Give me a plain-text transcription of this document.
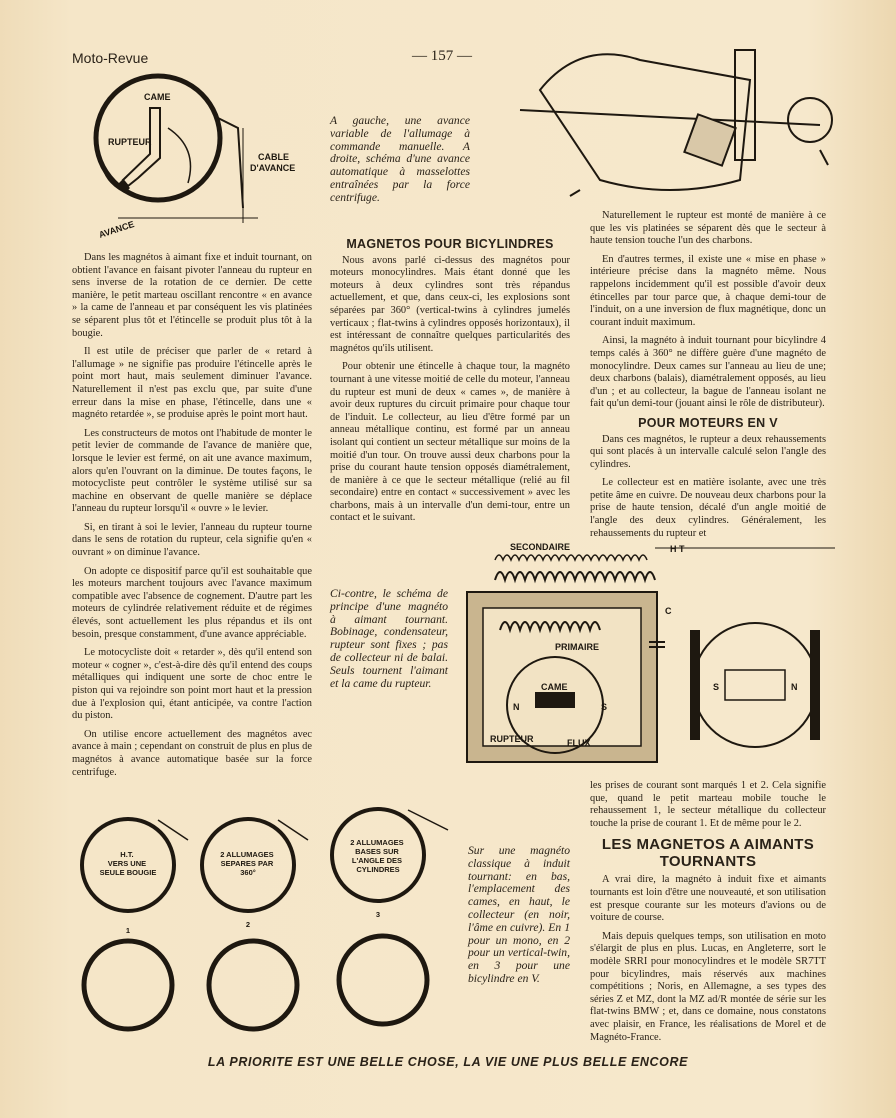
Moto-Revue	— 157 —
CAME
RUPTEUR
CABLE D'AVANCE
AVANCE
A gauche, une avance variable de l'allumage à commande manuelle. A droite, schéma d'une avance automatique à masselottes entraînées par la force centrifuge.

Dans les magnétos à aimant fixe et induit tournant, on obtient l'avance en faisant pivoter l'anneau du rupteur en sens inverse de la rotation de ce dernier. De cette manière, le petit marteau oscillant rencontre « en avance » la came de l'anneau et par conséquent les vis platinées se séparent plus tôt et l'étincelle se produit plus tôt à la bougie.

Il est utile de préciser que parler de « retard à l'allumage » ne signifie pas produire l'étincelle après le point mort haut, mais seulement diminuer l'avance. Naturellement il n'est pas exclu que, par suite d'une erreur dans la mise en phase, l'étincelle, dans une « magnéto retardée », se produise après le point mort haut.

Les constructeurs de motos ont l'habitude de monter le petit levier de commande de l'avance de manière que, lorsque le levier est fermé, on ait une avance maximum, alors qu'en l'ouvrant on la diminue. De toutes façons, le motocycliste peut contrôler le système utilisé sur sa machine en observant de quelle manière se déplace l'anneau du rupteur lorsqu'il « ouvre » le levier.

Si, en tirant à soi le levier, l'anneau du rupteur tourne dans le sens de rotation du rupteur, cela signifie qu'en « ouvrant » on diminue l'avance.

On adopte ce dispositif parce qu'il est souhaitable que les moteurs marchent toujours avec l'avance maximum compatible avec l'absence de cognement. D'autre part les moteurs de cylindrée relativement réduite et de régimes élevés, sont actuellement les plus répandus et ils ont besoin, presque constamment, d'une avance appréciable.

Le motocycliste doit « retarder », dès qu'il entend son moteur « cogner », c'est-à-dire dès qu'il entend des coups métalliques qui indiquent une sorte de choc entre le piston qui va rejoindre son point mort haut et la pression due à l'explosion qui, étant anticipée, va contre l'action du piston.

On utilise encore actuellement des magnétos avec avance à main ; cependant on construit de plus en plus de magnétos à avance automatique basée sur la force centrifuge.

MAGNETOS POUR BICYLINDRES

Nous avons parlé ci-dessus des magnétos pour moteurs monocylindres. Mais étant donné que les moteurs à deux cylindres sont très répandus actuellement, et que, dans ceux-ci, les explosions sont séparées par 360° (vertical-twins à cylindres jumelés verticaux ; flat-twins à cylindres opposés horizontaux), il est intéressant de connaître quelques particularités des magnétos qu'ils utilisent.

Pour obtenir une étincelle à chaque tour, la magnéto tournant à une vitesse moitié de celle du moteur, l'anneau du rupteur est muni de deux « cames », de manière à avoir deux ruptures du circuit primaire pour chaque tour de l'induit. Le collecteur, au lieu d'être formé par un anneau métallique continu, est formé par un anneau isolant qui contient un secteur métallique sur moins de la moitié d'un tour. On trouve aussi deux charbons pour la prise du courant haute tension opposés diamétralement, de manière à ce que le secteur métallique (relié au fil secondaire) entre en contact « successivement » avec les charbons, mais à un intervalle d'un demi-tour, entre un contact et le suivant.

Naturellement le rupteur est monté de manière à ce que les vis platinées se séparent dès que le secteur à haute tension touche l'un des charbons.

En d'autres termes, il existe une « mise en phase » intérieure précise dans la magnéto même. Nous rappelons incidemment qu'il est possible d'avoir deux étincelles par tour parce que, à chaque demi-tour de l'induit, on a une inversion de flux magnétique, donc un courant induit maximum.

Ainsi, la magnéto à induit tournant pour bicylindre 4 temps calés à 360° ne diffère guère d'une magnéto de monocylindre. Deux cames sur l'anneau au lieu de une; deux charbons (balais), diamétralement opposés, au lieu d'un ; et au collecteur, la bague de l'anneau isolant ne fait qu'un demi-tour (jouant ainsi le rôle de distributeur).

POUR MOTEURS EN V

Dans ces magnétos, le rupteur a deux rehaussements qui sont placés à un intervalle calculé selon l'angle des cylindres.

Le collecteur est en matière isolante, avec une très petite âme en cuivre. De nouveau deux charbons pour la prise de haute tension, décalé d'un angle moitié de l'angle des deux cylindres. Généralement, les rehaussements du rupteur et

Ci-contre, le schéma de principe d'une magnéto à aimant tournant. Bobinage, condensateur, rupteur sont fixes ; pas de collecteur ni de balai. Seuls tournent l'aimant et la came du rupteur.
SECONDAIRE	H T
PRIMAIRE
CAME
N	S
RUPTEUR	FLUX
C
S	N

les prises de courant sont marqués 1 et 2. Cela signifie que, quand le petit marteau mobile touche le rehaussement 1, le secteur métallique du collecteur touche la prise de courant 1. Et de même pour le 2.

LES MAGNETOS A AIMANTS TOURNANTS

A vrai dire, la magnéto à induit fixe et aimants tournants est loin d'être une nouveauté, et son utilisation est presque courante sur les moteurs d'avions ou de voiture de course.

Mais depuis quelques temps, son utilisation en moto s'élargit de plus en plus. Lucas, en Angleterre, sort le modèle SRRI pour monocylindres et le modèle SR7TT pour bicylindres, mais réservés aux machines compétitions ; Noris, en Allemagne, a ses types des séries Z et MZ, dont la MZ ad/R montée de série sur les flat-twins BMW ; et, dans ce domaine, nous constatons avec plaisir, en France, les réalisations de Morel et de Magnéto-France.

H.T. VERS UNE SEULE BOUGIE
2 ALLUMAGES SEPARES PAR 360°
2 ALLUMAGES BASES SUR L'ANGLE DES CYLINDRES
1
2
3
Sur une magnéto classique à induit tournant: en bas, l'emplacement des cames, en haut, le collecteur (en noir, l'âme en cuivre). En 1 pour un mono, en 2 pour un vertical-twin, en 3 pour une bicylindre en V.
LA PRIORITE EST UNE BELLE CHOSE, LA VIE UNE PLUS BELLE ENCORE
